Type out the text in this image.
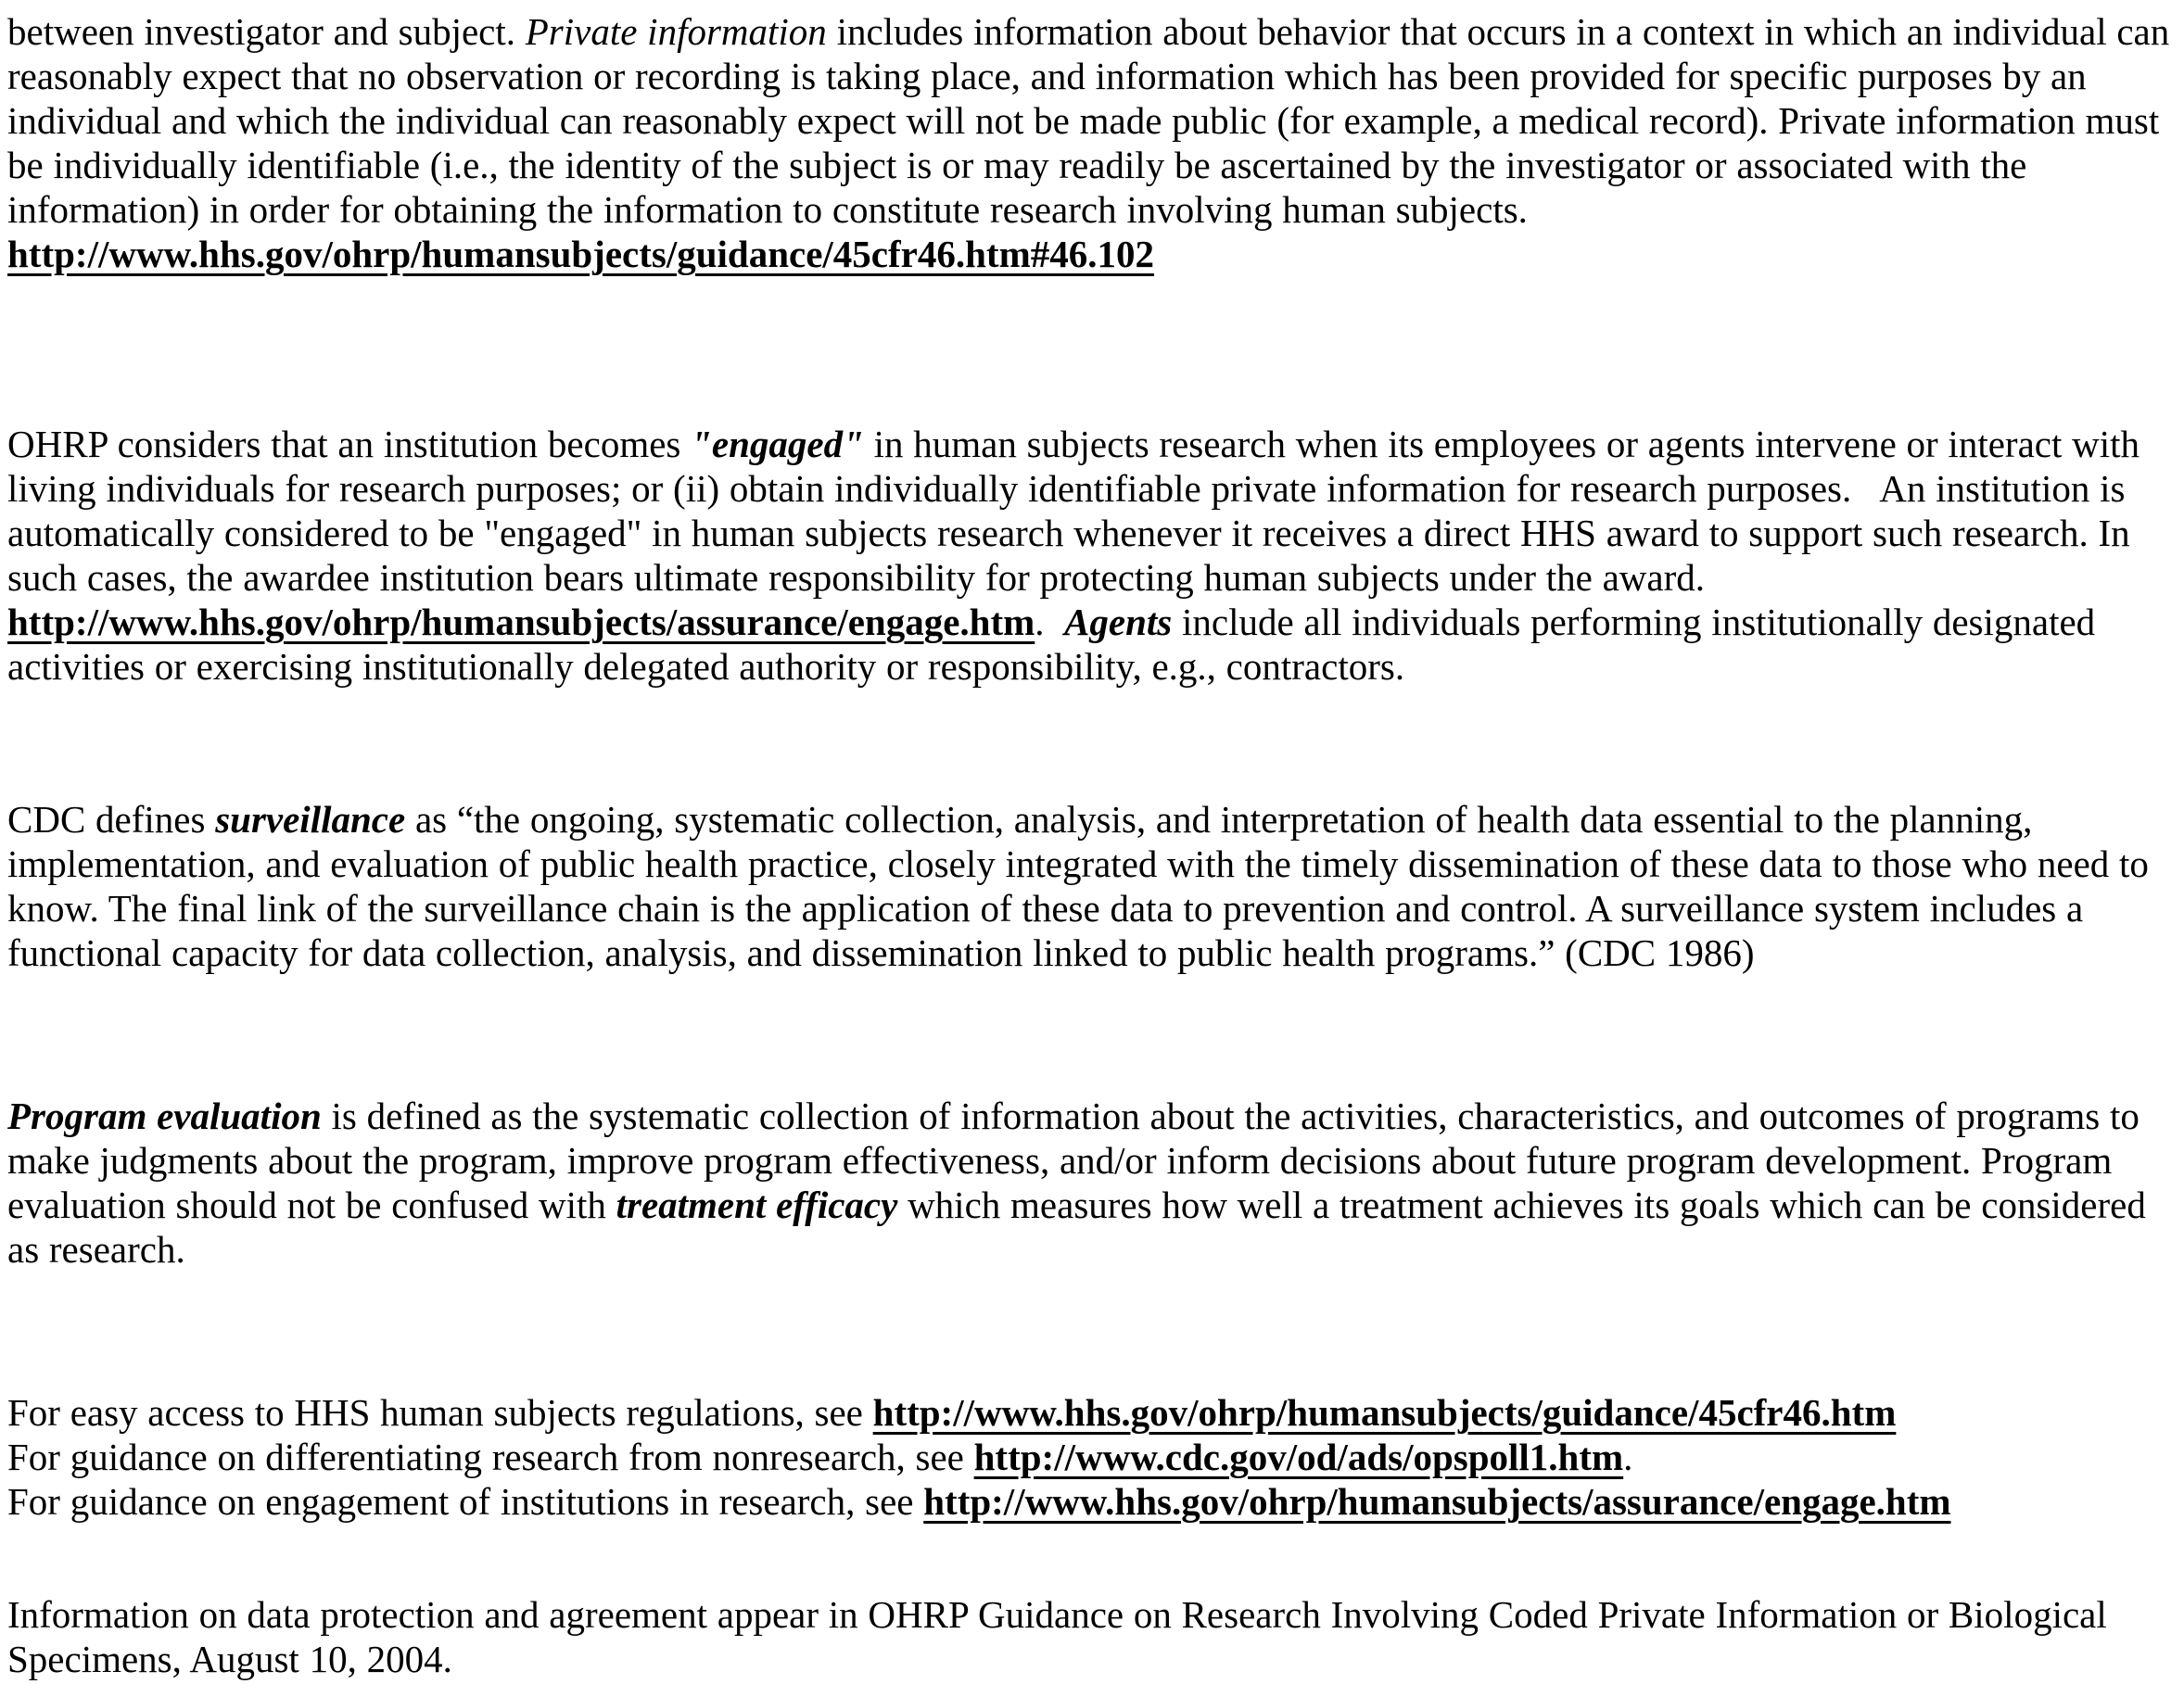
between investigator and subject. Private information includes information about behavior that occurs in a context in which an individual can reasonably expect that no observation or recording is taking place, and information which has been provided for specific purposes by an individual and which the individual can reasonably expect will not be made public (for example, a medical record). Private information must be individually identifiable (i.e., the identity of the subject is or may readily be ascertained by the investigator or associated with the information) in order for obtaining the information to constitute research involving human subjects.

http://www.hhs.gov/ohrp/humansubjects/guidance/45cfr46.htm#46.102

OHRP considers that an institution becomes "engaged" in human subjects research when its employees or agents intervene or interact with living individuals for research purposes; or (ii) obtain individually identifiable private information for research purposes.   An institution is automatically considered to be "engaged" in human subjects research whenever it receives a direct HHS award to support such research. In such cases, the awardee institution bears ultimate responsibility for protecting human subjects under the award. http://www.hhs.gov/ohrp/humansubjects/assurance/engage.htm.  Agents include all individuals performing institutionally designated activities or exercising institutionally delegated authority or responsibility, e.g., contractors.

CDC defines surveillance as “the ongoing, systematic collection, analysis, and interpretation of health data essential to the planning, implementation, and evaluation of public health practice, closely integrated with the timely dissemination of these data to those who need to know. The final link of the surveillance chain is the application of these data to prevention and control. A surveillance system includes a functional capacity for data collection, analysis, and dissemination linked to public health programs.” (CDC 1986)

Program evaluation is defined as the systematic collection of information about the activities, characteristics, and outcomes of programs to make judgments about the program, improve program effectiveness, and/or inform decisions about future program development. Program evaluation should not be confused with treatment efficacy which measures how well a treatment achieves its goals which can be considered as research.

For easy access to HHS human subjects regulations, see http://www.hhs.gov/ohrp/humansubjects/guidance/45cfr46.htm

For guidance on differentiating research from nonresearch, see http://www.cdc.gov/od/ads/opspoll1.htm.

For guidance on engagement of institutions in research, see http://www.hhs.gov/ohrp/humansubjects/assurance/engage.htm

Information on data protection and agreement appear in OHRP Guidance on Research Involving Coded Private Information or Biological Specimens, August 10, 2004.
